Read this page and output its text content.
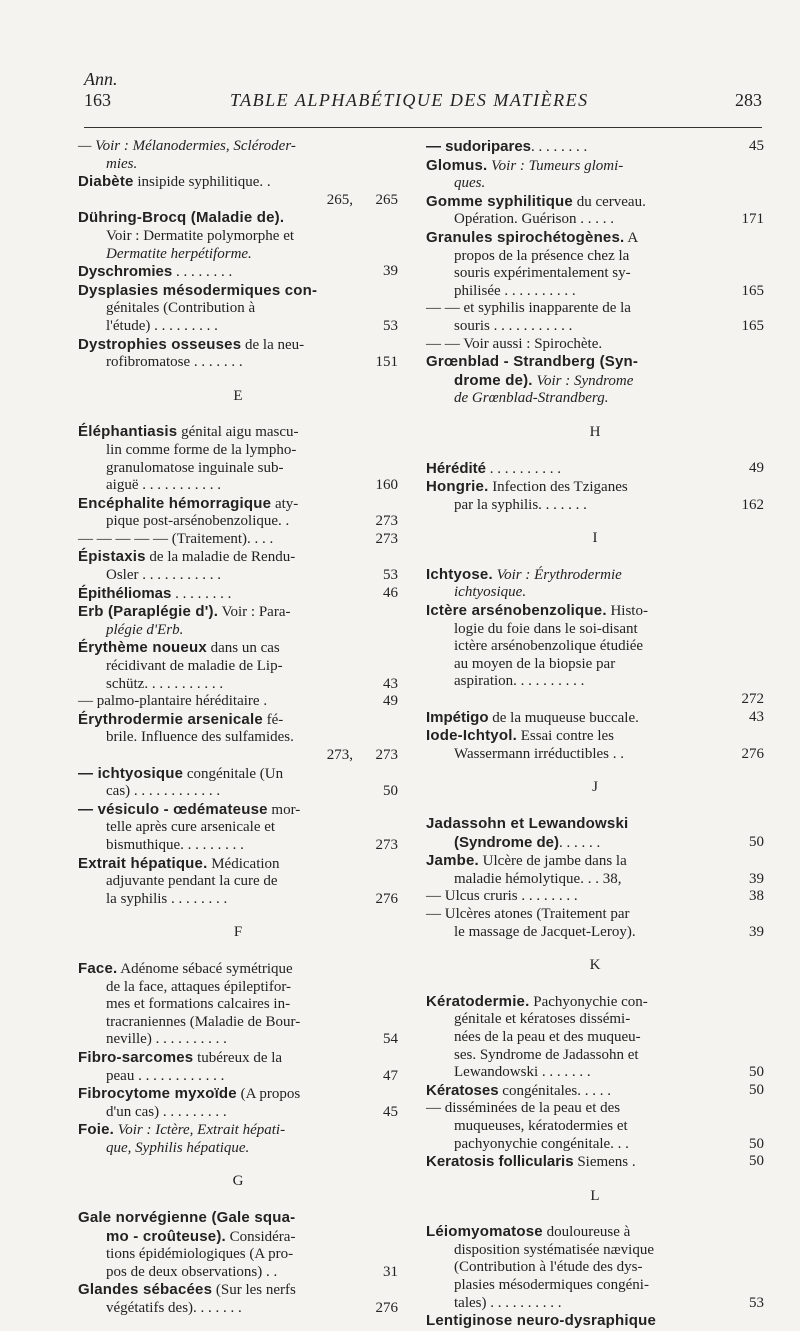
Ann.
163	TABLE ALPHABÉTIQUE DES MATIÈRES	283
— Voir : Mélanodermies, Scléroder-
mies.
Diabète insipide syphilitique. .
265, 265
Dühring-Brocq (Maladie de).
Voir : Dermatite polymorphe et
Dermatite herpétiforme.
Dyschromies . . . . . . . .	39
Dysplasies mésodermiques con-
génitales (Contribution à
l'étude) . . . . . . . . .	53
Dystrophies osseuses de la neu-
rofibromatose . . . . . . .	151
E
Éléphantiasis génital aigu mascu-
lin comme forme de la lympho-
granulomatose inguinale sub-
aiguë . . . . . . . . . . .	160
Encéphalite hémorragique aty-
pique post-arsénobenzolique. .	273
— — — — — (Traitement). . . .	273
Épistaxis de la maladie de Rendu-
Osler . . . . . . . . . . .	53
Épithéliomas . . . . . . . .	46
Erb (Paraplégie d'). Voir : Para-
plégie d'Erb.
Érythème noueux dans un cas
récidivant de maladie de Lip-
schütz. . . . . . . . . . .	43
— palmo-plantaire héréditaire .	49
Érythrodermie arsenicale fé-
brile. Influence des sulfamides.
273, 273
— ichtyosique congénitale (Un
cas) . . . . . . . . . . . .	50
— vésiculo - œdémateuse mor-
telle après cure arsenicale et
bismuthique. . . . . . . . .	273
Extrait hépatique. Médication
adjuvante pendant la cure de
la syphilis . . . . . . . .	276
F
Face. Adénome sébacé symétrique
de la face, attaques épileptifor-
mes et formations calcaires in-
tracraniennes (Maladie de Bour-
neville) . . . . . . . . . .	54
Fibro-sarcomes tubéreux de la
peau . . . . . . . . . . . .	47
Fibrocytome myxoïde (A propos
d'un cas) . . . . . . . . .	45
Foie. Voir : Ictère, Extrait hépati-
que, Syphilis hépatique.
G
Gale norvégienne (Gale squa-
mo - croûteuse). Considéra-
tions épidémiologiques (A pro-
pos de deux observations) . .	31
Glandes sébacées (Sur les nerfs
végétatifs des). . . . . . .	276
— sudoripares. . . . . . . .	45
Glomus. Voir : Tumeurs glomi-
ques.
Gomme syphilitique du cerveau.
Opération. Guérison . . . . .	171
Granules spirochétogènes. A
propos de la présence chez la
souris expérimentalement sy-
philisée . . . . . . . . . .	165
— — et syphilis inapparente de la
souris . . . . . . . . . . .	165
— — Voir aussi : Spirochète.
Grœnblad - Strandberg (Syn-
drome de). Voir : Syndrome
de Grœnblad-Strandberg.
H
Hérédité . . . . . . . . . .	49
Hongrie. Infection des Tziganes
par la syphilis. . . . . . .	162
I
Ichtyose. Voir : Érythrodermie
ichtyosique.
Ictère arsénobenzolique. Histo-
logie du foie dans le soi-disant
ictère arsénobenzolique étudiée
au moyen de la biopsie par
aspiration. . . . . . . . . .
272
Impétigo de la muqueuse buccale.	43
Iode-Ichtyol. Essai contre les
Wassermann irréductibles . .	276
J
Jadassohn et Lewandowski
(Syndrome de). . . . . .	50
Jambe. Ulcère de jambe dans la
maladie hémolytique. . . 38,	39
— Ulcus cruris . . . . . . . .	38
— Ulcères atones (Traitement par
le massage de Jacquet-Leroy).	39
K
Kératodermie. Pachyonychie con-
génitale et kératoses dissémi-
nées de la peau et des muqueu-
ses. Syndrome de Jadassohn et
Lewandowski . . . . . . .	50
Kératoses congénitales. . . . .	50
— disséminées de la peau et des
muqueuses, kératodermies et
pachyonychie congénitale. . .	50
Keratosis follicularis Siemens .	50
L
Léiomyomatose douloureuse à
disposition systématisée nævique
(Contribution à l'étude des dys-
plasies mésodermiques congéni-
tales) . . . . . . . . . .	53
Lentiginose neuro-dysraphique
